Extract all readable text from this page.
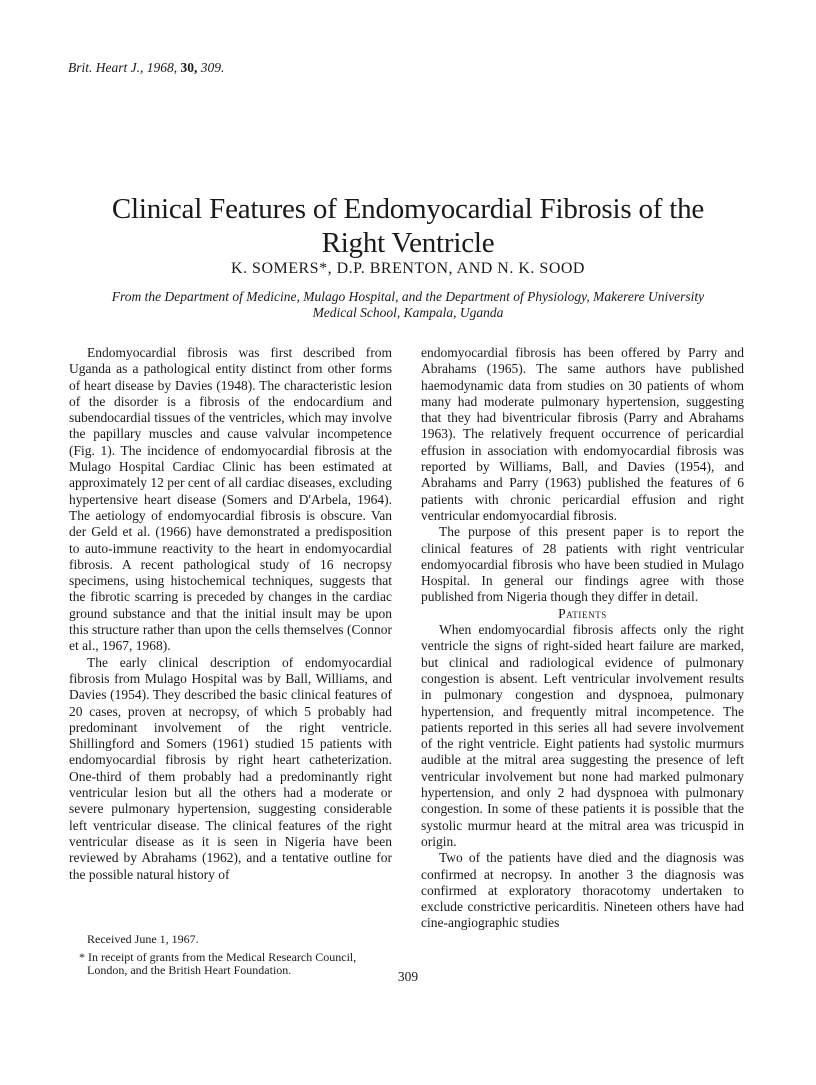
Brit. Heart J., 1968, 30, 309.
Clinical Features of Endomyocardial Fibrosis of the
Right Ventricle
K. SOMERS*, D.P. BRENTON, AND N. K. SOOD
From the Department of Medicine, Mulago Hospital, and the Department of Physiology, Makerere University Medical School, Kampala, Uganda

Endomyocardial fibrosis was first described from Uganda as a pathological entity distinct from other forms of heart disease by Davies (1948). The characteristic lesion of the disorder is a fibrosis of the endocardium and subendocardial tissues of the ventricles, which may involve the papillary muscles and cause valvular incompetence (Fig. 1). The incidence of endomyocardial fibrosis at the Mulago Hospital Cardiac Clinic has been estimated at approximately 12 per cent of all cardiac diseases, excluding hypertensive heart disease (Somers and D'Arbela, 1964). The aetiology of endomyocardial fibrosis is obscure. Van der Geld et al. (1966) have demonstrated a predisposition to auto-immune reactivity to the heart in endomyocardial fibrosis. A recent pathological study of 16 necropsy specimens, using histochemical techniques, suggests that the fibrotic scarring is preceded by changes in the cardiac ground substance and that the initial insult may be upon this structure rather than upon the cells themselves (Connor et al., 1967, 1968).

The early clinical description of endomyocardial fibrosis from Mulago Hospital was by Ball, Williams, and Davies (1954). They described the basic clinical features of 20 cases, proven at necropsy, of which 5 probably had predominant involvement of the right ventricle. Shillingford and Somers (1961) studied 15 patients with endomyocardial fibrosis by right heart catheterization. One-third of them probably had a predominantly right ventricular lesion but all the others had a moderate or severe pulmonary hypertension, suggesting considerable left ventricular disease. The clinical features of the right ventricular disease as it is seen in Nigeria have been reviewed by Abrahams (1962), and a tentative outline for the possible natural history of

endomyocardial fibrosis has been offered by Parry and Abrahams (1965). The same authors have published haemodynamic data from studies on 30 patients of whom many had moderate pulmonary hypertension, suggesting that they had biventricular fibrosis (Parry and Abrahams 1963). The relatively frequent occurrence of pericardial effusion in association with endomyocardial fibrosis was reported by Williams, Ball, and Davies (1954), and Abrahams and Parry (1963) published the features of 6 patients with chronic pericardial effusion and right ventricular endomyocardial fibrosis.

The purpose of this present paper is to report the clinical features of 28 patients with right ventricular endomyocardial fibrosis who have been studied in Mulago Hospital. In general our findings agree with those published from Nigeria though they differ in detail.

Patients

When endomyocardial fibrosis affects only the right ventricle the signs of right-sided heart failure are marked, but clinical and radiological evidence of pulmonary congestion is absent. Left ventricular involvement results in pulmonary congestion and dyspnoea, pulmonary hypertension, and frequently mitral incompetence. The patients reported in this series all had severe involvement of the right ventricle. Eight patients had systolic murmurs audible at the mitral area suggesting the presence of left ventricular involvement but none had marked pulmonary hypertension, and only 2 had dyspnoea with pulmonary congestion. In some of these patients it is possible that the systolic murmur heard at the mitral area was tricuspid in origin.

Two of the patients have died and the diagnosis was confirmed at necropsy. In another 3 the diagnosis was confirmed at exploratory thoracotomy undertaken to exclude constrictive pericarditis. Nineteen others have had cine-angiographic studies

Received June 1, 1967.

* In receipt of grants from the Medical Research Council, London, and the British Heart Foundation.	309
